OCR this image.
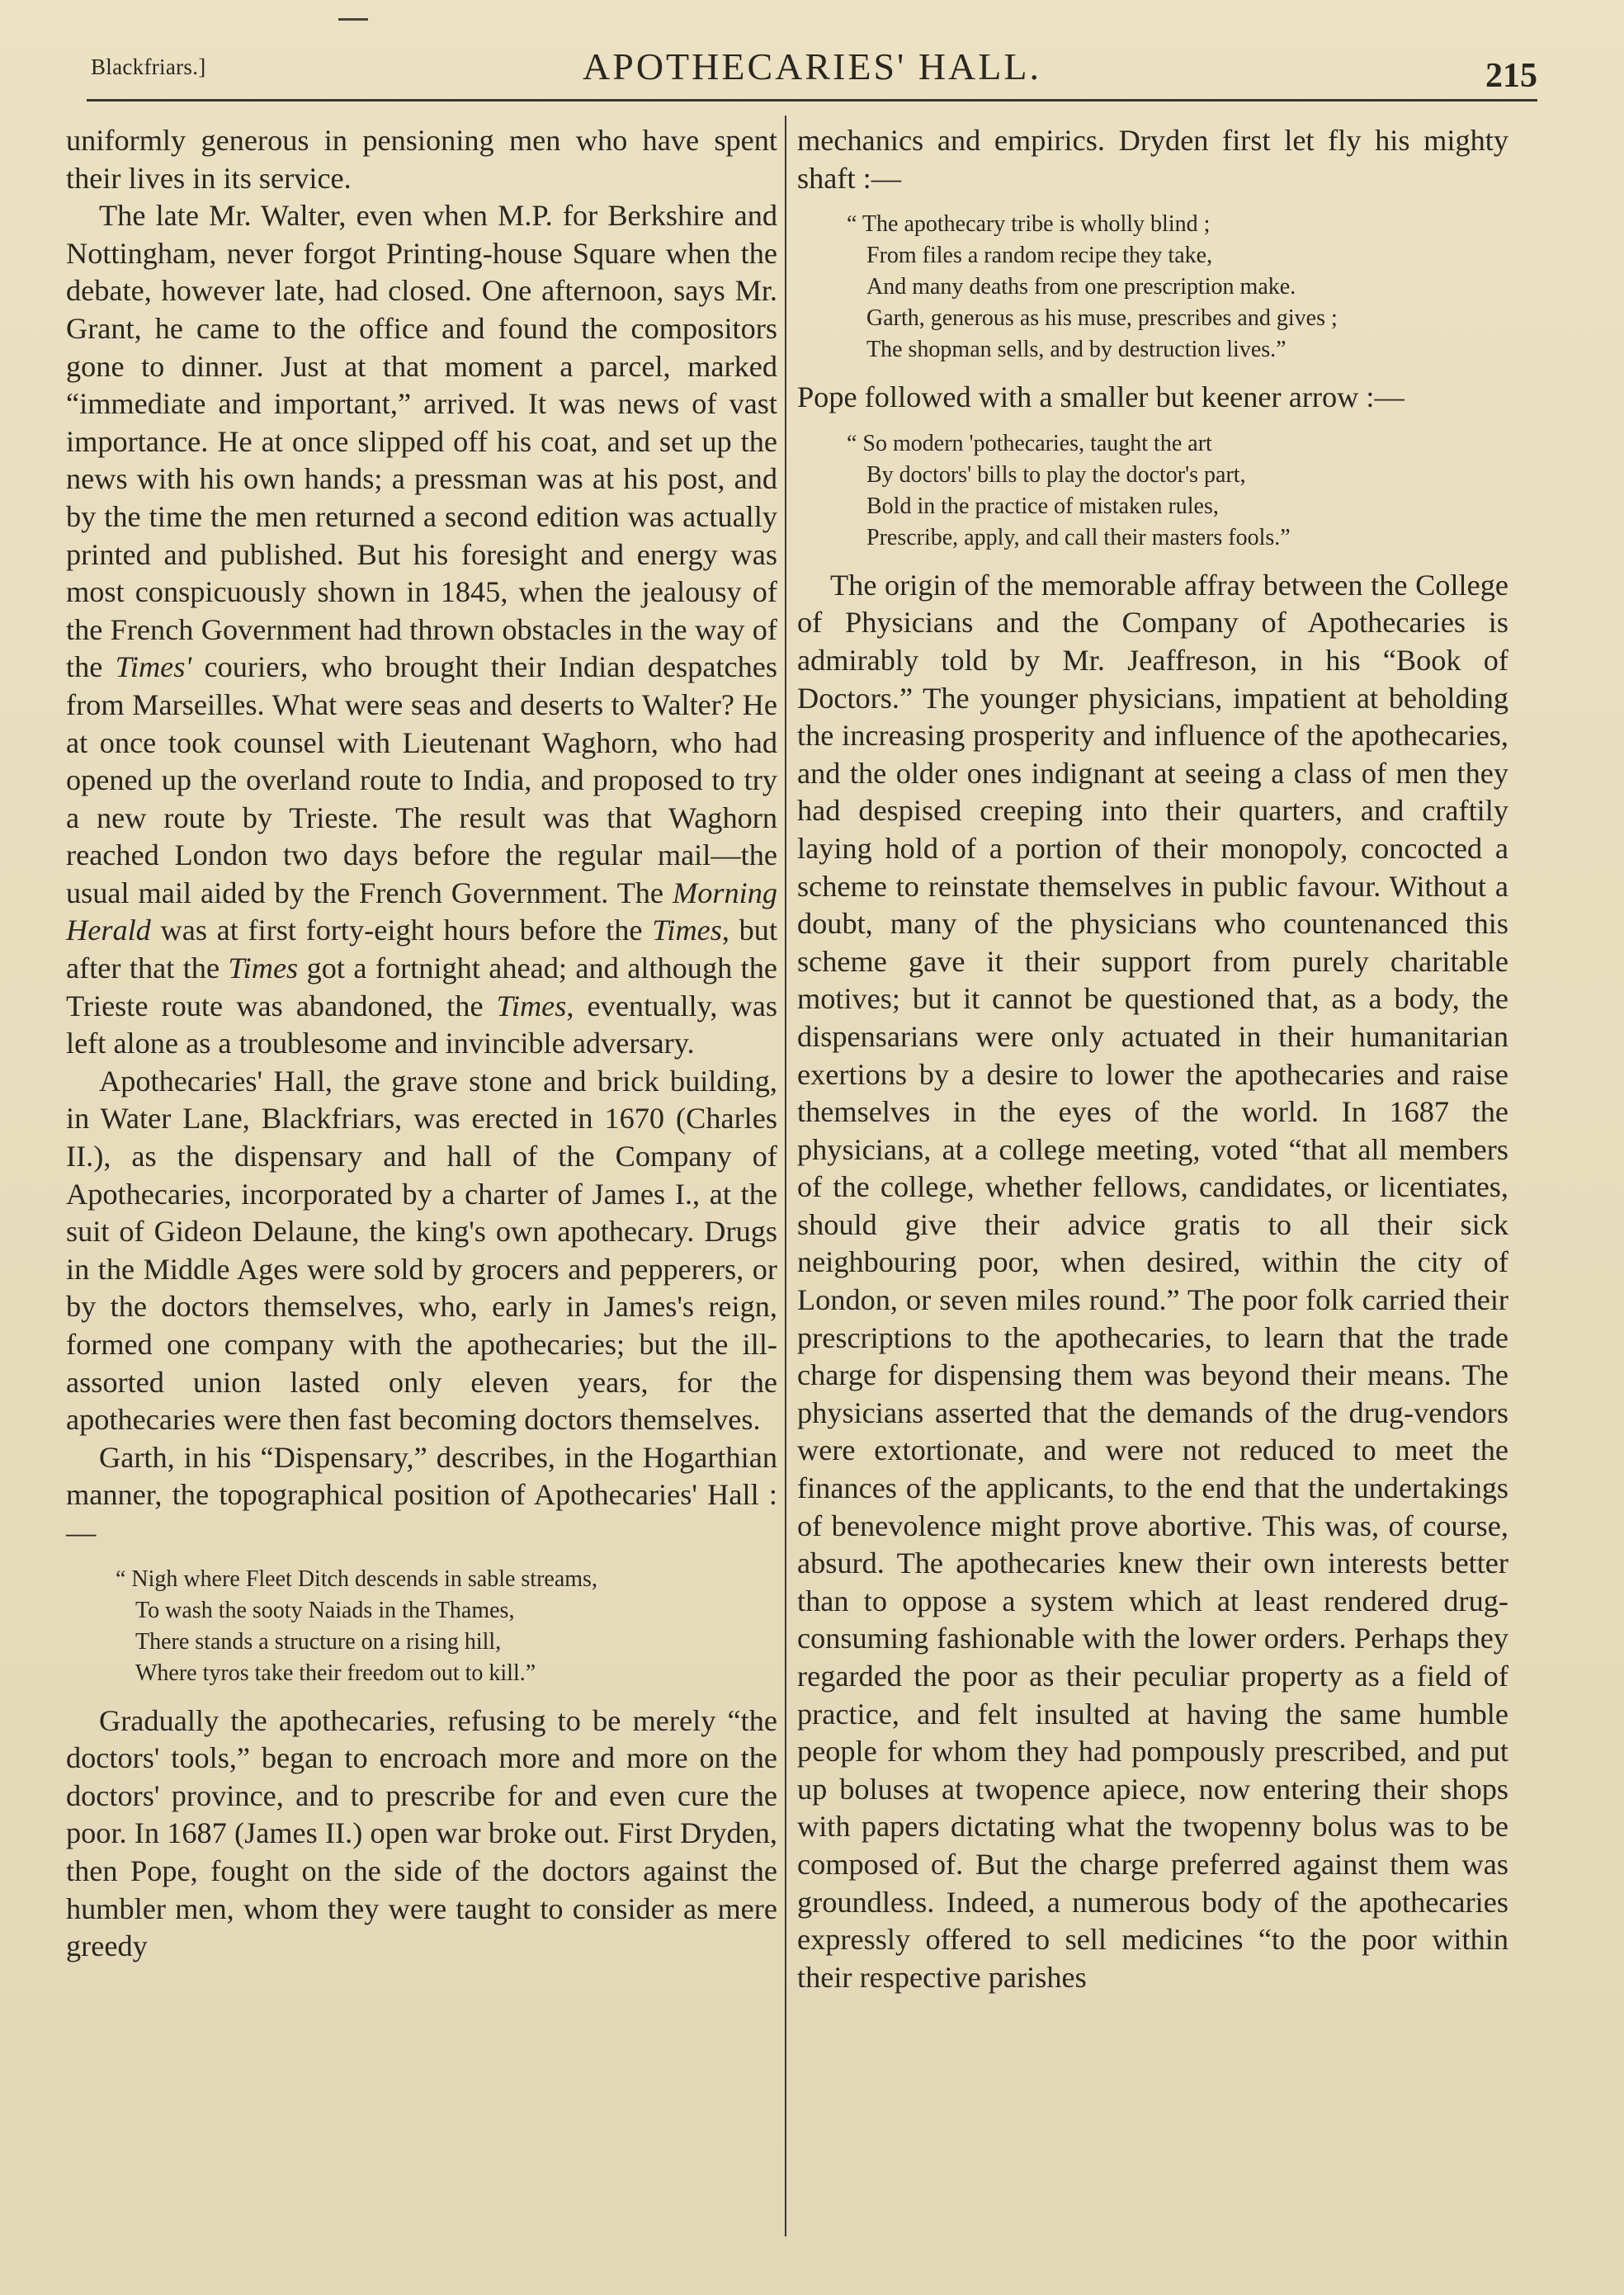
Blackfriars.]	APOTHECARIES' HALL.	215

uniformly generous in pensioning men who have spent their lives in its service.

The late Mr. Walter, even when M.P. for Berkshire and Nottingham, never forgot Printing-house Square when the debate, however late, had closed. One afternoon, says Mr. Grant, he came to the office and found the compositors gone to dinner. Just at that moment a parcel, marked “immediate and important,” arrived. It was news of vast importance. He at once slipped off his coat, and set up the news with his own hands; a pressman was at his post, and by the time the men returned a second edition was actually printed and published. But his foresight and energy was most conspicuously shown in 1845, when the jealousy of the French Government had thrown obstacles in the way of the Times' couriers, who brought their Indian despatches from Marseilles. What were seas and deserts to Walter? He at once took counsel with Lieutenant Waghorn, who had opened up the overland route to India, and proposed to try a new route by Trieste. The result was that Waghorn reached London two days before the regular mail—the usual mail aided by the French Government. The Morning Herald was at first forty-eight hours before the Times, but after that the Times got a fortnight ahead; and although the Trieste route was abandoned, the Times, eventually, was left alone as a troublesome and invincible adversary.

Apothecaries' Hall, the grave stone and brick building, in Water Lane, Blackfriars, was erected in 1670 (Charles II.), as the dispensary and hall of the Company of Apothecaries, incorporated by a charter of James I., at the suit of Gideon Delaune, the king's own apothecary. Drugs in the Middle Ages were sold by grocers and pepperers, or by the doctors themselves, who, early in James's reign, formed one company with the apothecaries; but the ill-assorted union lasted only eleven years, for the apothecaries were then fast becoming doctors themselves.

Garth, in his “Dispensary,” describes, in the Hogarthian manner, the topographical position of Apothecaries' Hall :—

“ Nigh where Fleet Ditch descends in sable streams,
To wash the sooty Naiads in the Thames,
There stands a structure on a rising hill,
Where tyros take their freedom out to kill.”

Gradually the apothecaries, refusing to be merely “the doctors' tools,” began to encroach more and more on the doctors' province, and to prescribe for and even cure the poor. In 1687 (James II.) open war broke out. First Dryden, then Pope, fought on the side of the doctors against the humbler men, whom they were taught to consider as mere greedy

mechanics and empirics. Dryden first let fly his mighty shaft :—

“ The apothecary tribe is wholly blind ;
From files a random recipe they take,
And many deaths from one prescription make.
Garth, generous as his muse, prescribes and gives ;
The shopman sells, and by destruction lives.”

Pope followed with a smaller but keener arrow :—

“ So modern 'pothecaries, taught the art
By doctors' bills to play the doctor's part,
Bold in the practice of mistaken rules,
Prescribe, apply, and call their masters fools.”

The origin of the memorable affray between the College of Physicians and the Company of Apothecaries is admirably told by Mr. Jeaffreson, in his “Book of Doctors.” The younger physicians, impatient at beholding the increasing prosperity and influence of the apothecaries, and the older ones indignant at seeing a class of men they had despised creeping into their quarters, and craftily laying hold of a portion of their monopoly, concocted a scheme to reinstate themselves in public favour. Without a doubt, many of the physicians who countenanced this scheme gave it their support from purely charitable motives; but it cannot be questioned that, as a body, the dispensarians were only actuated in their humanitarian exertions by a desire to lower the apothecaries and raise themselves in the eyes of the world. In 1687 the physicians, at a college meeting, voted “that all members of the college, whether fellows, candidates, or licentiates, should give their advice gratis to all their sick neighbouring poor, when desired, within the city of London, or seven miles round.” The poor folk carried their prescriptions to the apothecaries, to learn that the trade charge for dispensing them was beyond their means. The physicians asserted that the demands of the drug-vendors were extortionate, and were not reduced to meet the finances of the applicants, to the end that the undertakings of benevolence might prove abortive. This was, of course, absurd. The apothecaries knew their own interests better than to oppose a system which at least rendered drug-consuming fashionable with the lower orders. Perhaps they regarded the poor as their peculiar property as a field of practice, and felt insulted at having the same humble people for whom they had pompously prescribed, and put up boluses at twopence apiece, now entering their shops with papers dictating what the twopenny bolus was to be composed of. But the charge preferred against them was groundless. Indeed, a numerous body of the apothecaries expressly offered to sell medicines “to the poor within their respective parishes
